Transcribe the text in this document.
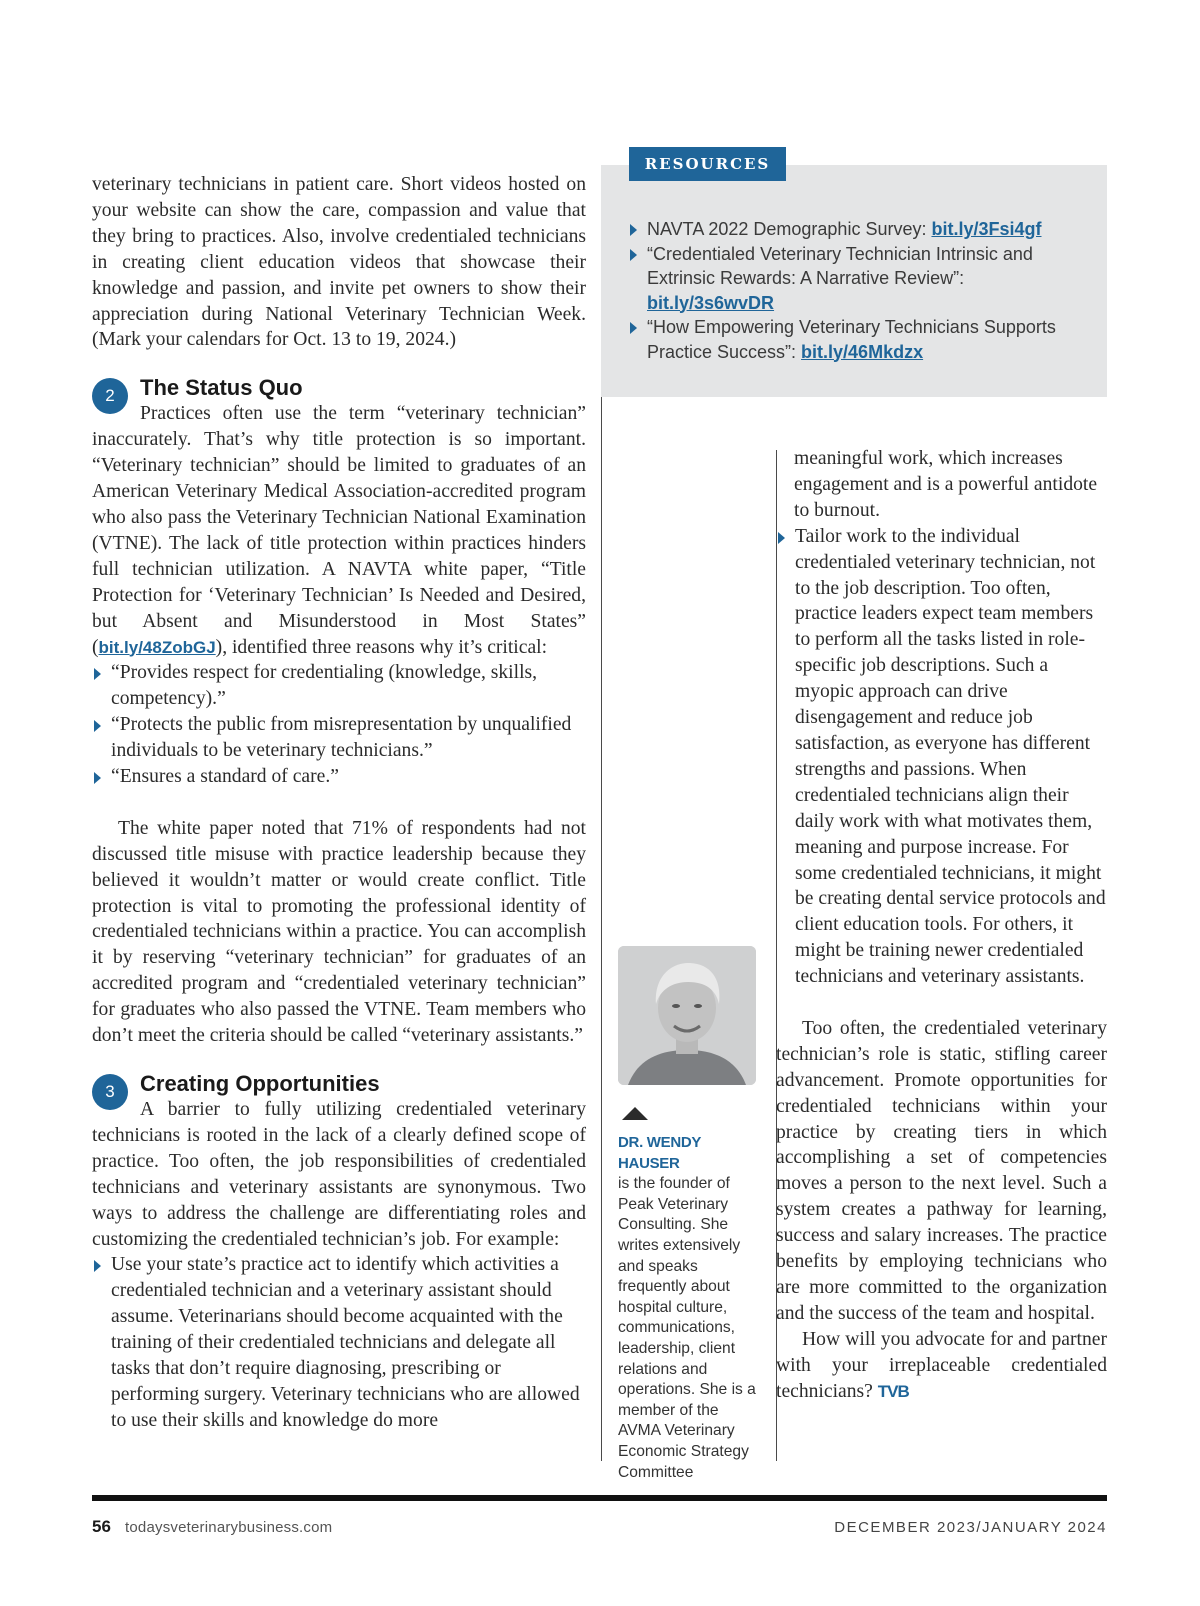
veterinary technicians in patient care. Short videos hosted on your website can show the care, compassion and value that they bring to practices. Also, involve credentialed technicians in creating client education videos that showcase their knowledge and passion, and invite pet owners to show their appreciation during National Veterinary Technician Week. (Mark your calendars for Oct. 13 to 19, 2024.)

2	The Status Quo

Practices often use the term “veterinary technician” inaccurately. That’s why title protection is so important. “Veterinary technician” should be limited to graduates of an American Veterinary Medical Association-accredited program who also pass the Veterinary Technician National Examination (VTNE). The lack of title protection within practices hinders full technician utilization. A NAVTA white paper, “Title Protection for ‘Veterinary Technician’ Is Needed and Desired, but Absent and Misunderstood in Most States” (bit.ly/48ZobGJ), identified three reasons why it’s critical:

“Provides respect for credentialing (knowledge, skills, competency).”
“Protects the public from misrepresentation by unqualified individuals to be veterinary technicians.”
“Ensures a standard of care.”

The white paper noted that 71% of respondents had not discussed title misuse with practice leadership because they believed it wouldn’t matter or would create conflict. Title protection is vital to promoting the professional identity of credentialed technicians within a practice. You can accomplish it by reserving “veterinary technician” for graduates of an accredited program and “credentialed veterinary technician” for graduates who also passed the VTNE. Team members who don’t meet the criteria should be called “veterinary assistants.”

3	Creating Opportunities

A barrier to fully utilizing credentialed veterinary technicians is rooted in the lack of a clearly defined scope of practice. Too often, the job responsibilities of credentialed technicians and veterinary assistants are synonymous. Two ways to address the challenge are differentiating roles and customizing the credentialed technician’s job. For example:

Use your state’s practice act to identify which activities a credentialed technician and a veterinary assistant should assume. Veterinarians should become acquainted with the training of their credentialed technicians and delegate all tasks that don’t require diagnosing, prescribing or performing surgery. Veterinary technicians who are allowed to use their skills and knowledge do more
RESOURCES
NAVTA 2022 Demographic Survey: bit.ly/3Fsi4gf
“Credentialed Veterinary Technician Intrinsic and Extrinsic Rewards: A Narrative Review”: bit.ly/3s6wvDR
“How Empowering Veterinary Technicians Supports Practice Success”: bit.ly/46Mkdzx

meaningful work, which increases engagement and is a powerful antidote to burnout.

Tailor work to the individual credentialed veterinary technician, not to the job description. Too often, practice leaders expect team members to perform all the tasks listed in role-specific job descriptions. Such a myopic approach can drive disengagement and reduce job satisfaction, as everyone has different strengths and passions. When credentialed technicians align their daily work with what motivates them, meaning and purpose increase. For some credentialed technicians, it might be creating dental service protocols and client education tools. For others, it might be training newer credentialed technicians and veterinary assistants.

Too often, the credentialed veterinary technician’s role is static, stifling career advancement. Promote opportunities for credentialed technicians within your practice by creating tiers in which accomplishing a set of competencies moves a person to the next level. Such a system creates a pathway for learning, success and salary increases. The practice benefits by employing technicians who are more committed to the organization and the success of the team and hospital.

How will you advocate for and partner with your irreplaceable credentialed technicians? TVB

DR. WENDY HAUSER
is the founder of Peak Veterinary Consulting. She writes extensively and speaks frequently about hospital culture, communications, leadership, client relations and operations. She is a member of the AVMA Veterinary Economic Strategy Committee
56 todaysveterinarybusiness.com	DECEMBER 2023/JANUARY 2024
